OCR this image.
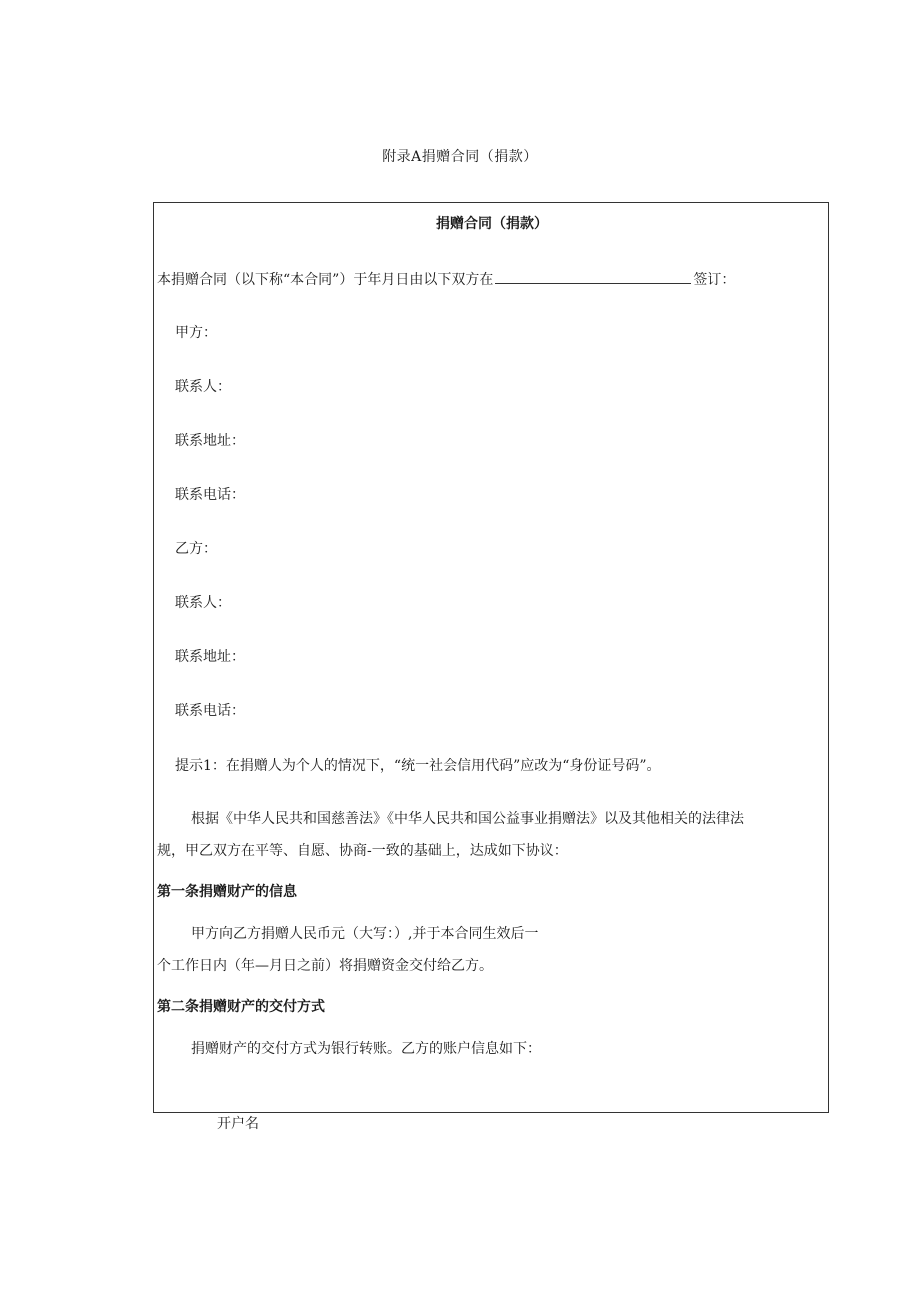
附录A捐赠合同（捐款）
捐赠合同（捐款）
本捐赠合同（以下称“本合同”）于年月日由以下双方在	签订：
甲方：
联系人：
联系地址：
联系电话：
乙方：
联系人：
联系地址：
联系电话：
提示1：在捐赠人为个人的情况下，“统一社会信用代码”应改为“身份证号码”。
根据《中华人民共和国慈善法》《中华人民共和国公益事业捐赠法》以及其他相关的法律法
规，甲乙双方在平等、自愿、协商-一致的基础上，达成如下协议：
第一条捐赠财产的信息
甲方向乙方捐赠人民币元（大写：）,并于本合同生效后一
个工作日内（年—月日之前）将捐赠资金交付给乙方。
第二条捐赠财产的交付方式
捐赠财产的交付方式为银行转账。乙方的账户信息如下：
开户名
